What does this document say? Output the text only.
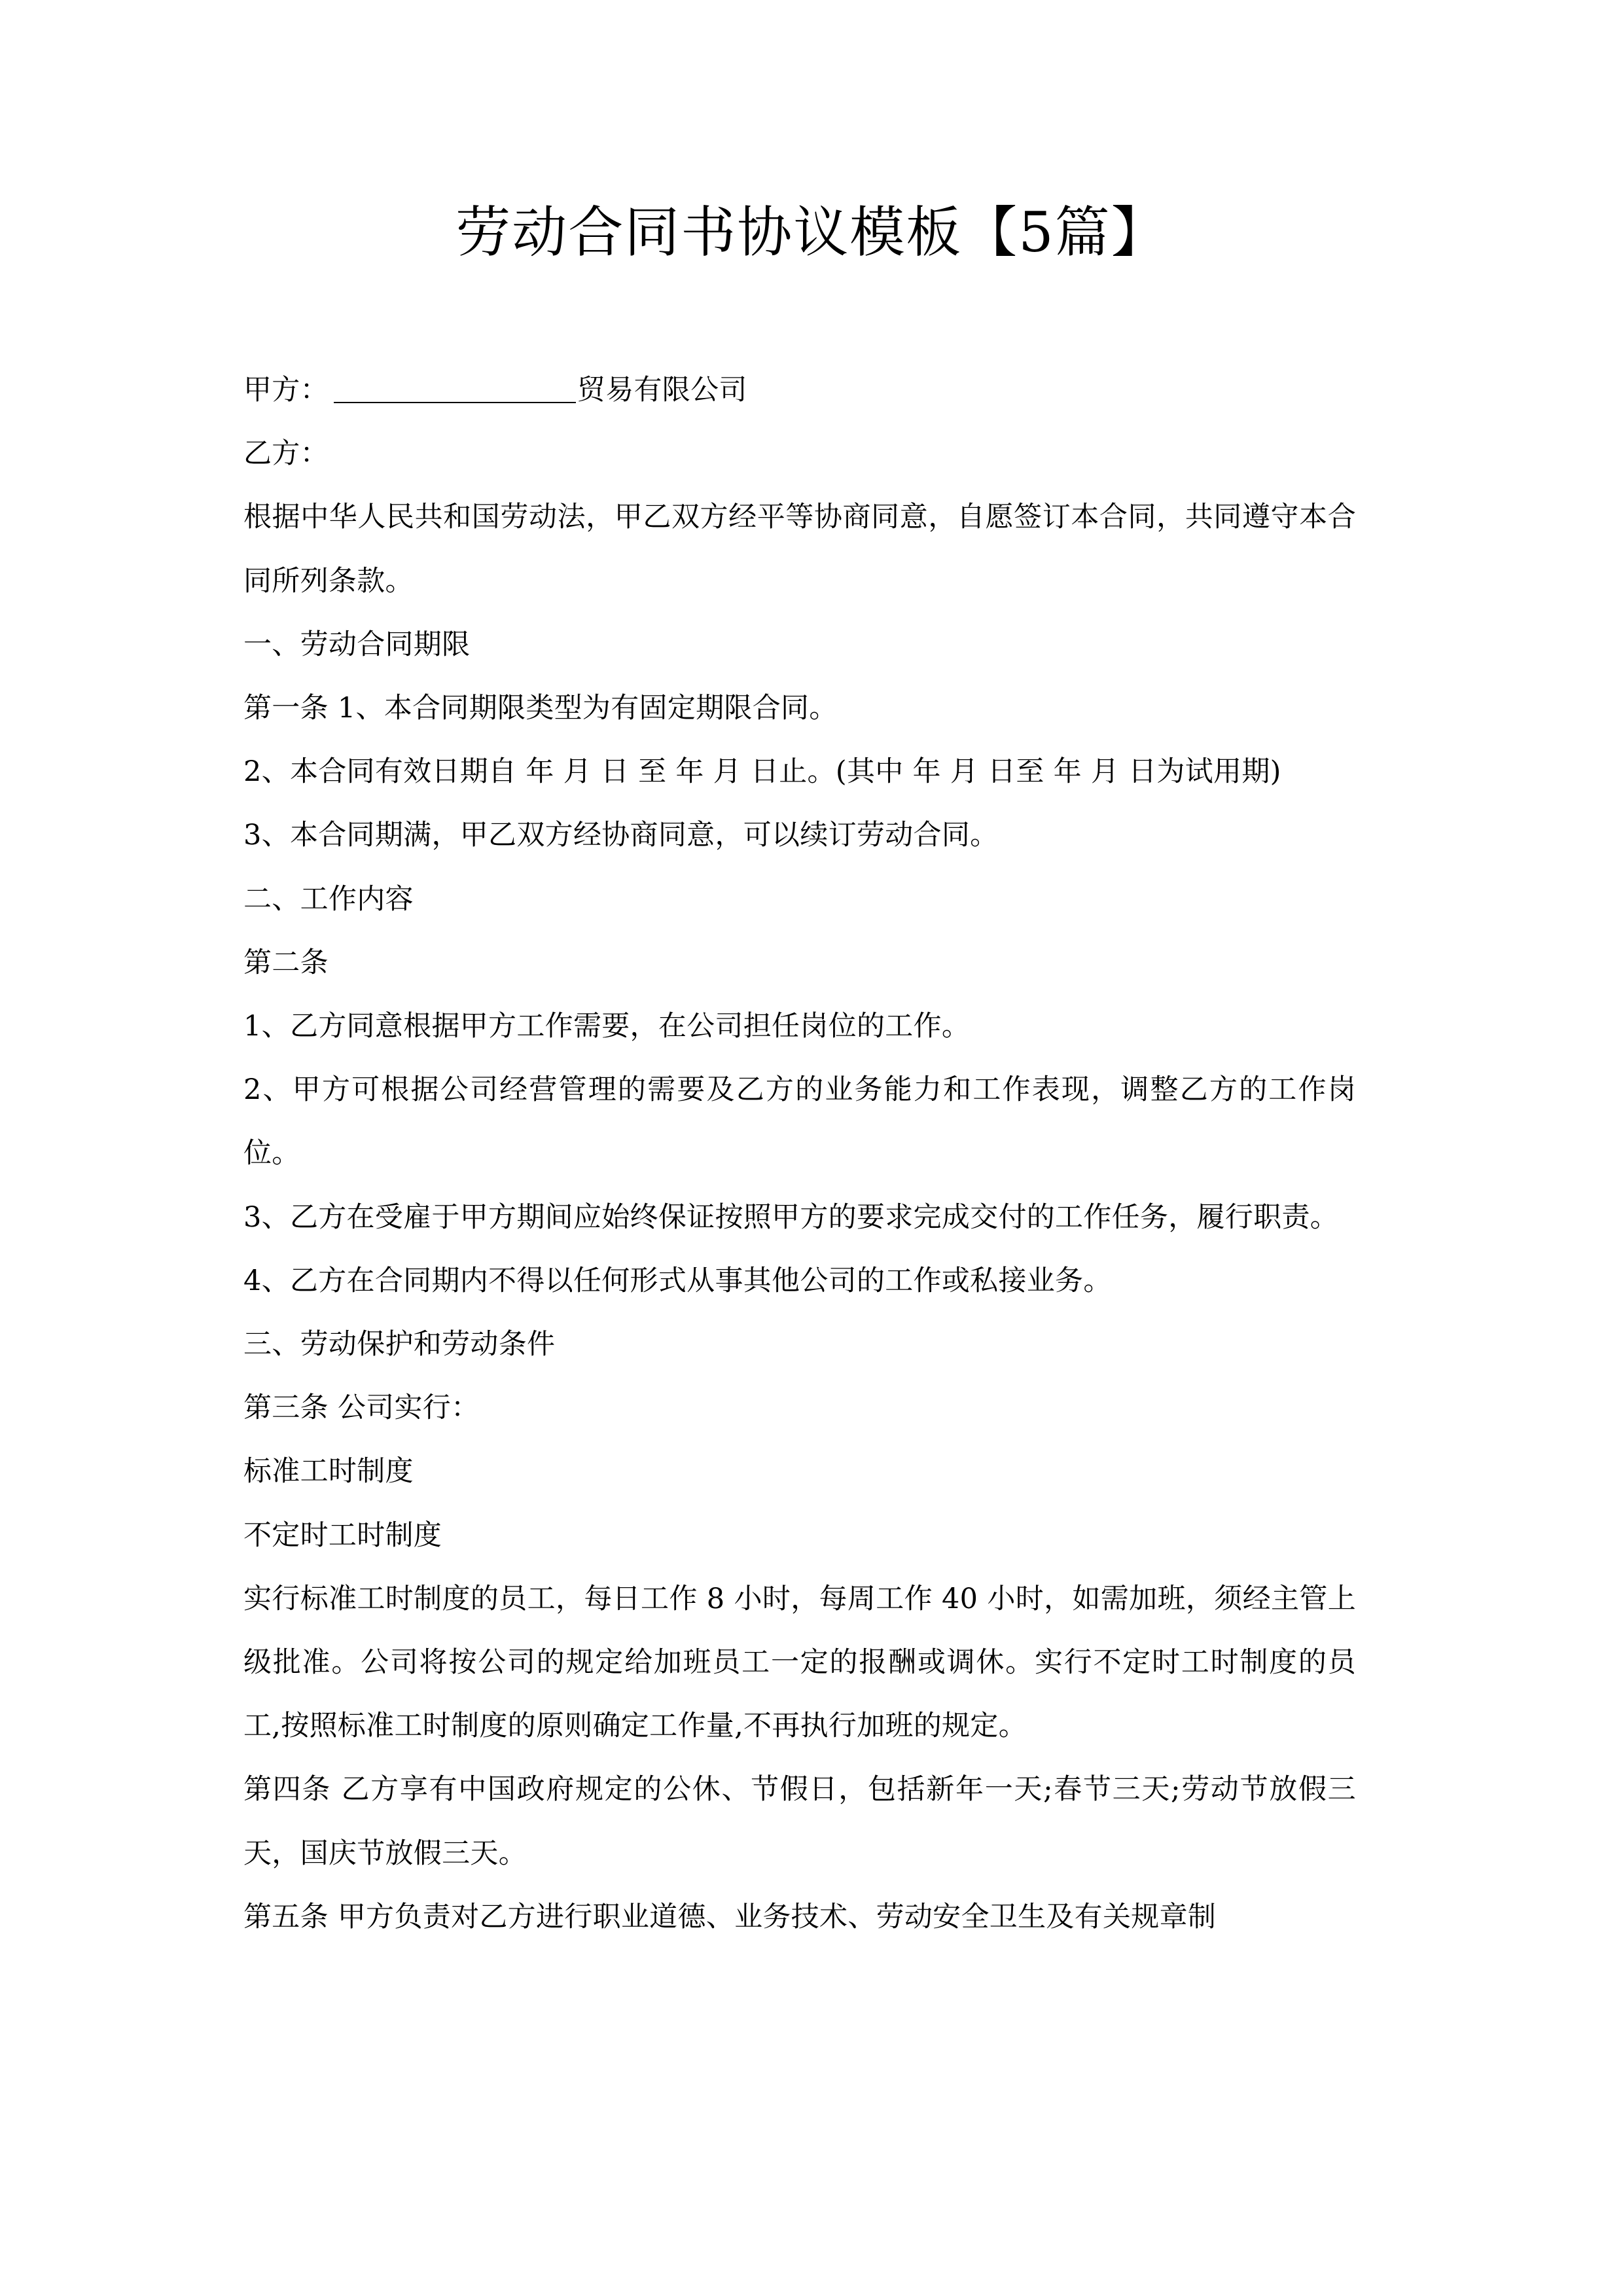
劳动合同书协议模板【5篇】

甲方：	贸易有限公司

乙方：

根据中华人民共和国劳动法，甲乙双方经平等协商同意，自愿签订本合同，共同遵守本合同所列条款。

一、劳动合同期限

第一条 1、本合同期限类型为有固定期限合同。

2、本合同有效日期自 年 月 日 至 年 月 日止。(其中 年 月 日至 年 月 日为试用期)

3、本合同期满，甲乙双方经协商同意，可以续订劳动合同。

二、工作内容

第二条

1、乙方同意根据甲方工作需要，在公司担任岗位的工作。

2、甲方可根据公司经营管理的需要及乙方的业务能力和工作表现，调整乙方的工作岗位。

3、乙方在受雇于甲方期间应始终保证按照甲方的要求完成交付的工作任务，履行职责。

4、乙方在合同期内不得以任何形式从事其他公司的工作或私接业务。

三、劳动保护和劳动条件

第三条 公司实行：

标准工时制度

不定时工时制度

实行标准工时制度的员工，每日工作 8 小时，每周工作 40 小时，如需加班，须经主管上级批准。公司将按公司的规定给加班员工一定的报酬或调休。实行不定时工时制度的员工,按照标准工时制度的原则确定工作量,不再执行加班的规定。

第四条 乙方享有中国政府规定的公休、节假日，包括新年一天;春节三天;劳动节放假三天，国庆节放假三天。

第五条 甲方负责对乙方进行职业道德、业务技术、劳动安全卫生及有关规章制
